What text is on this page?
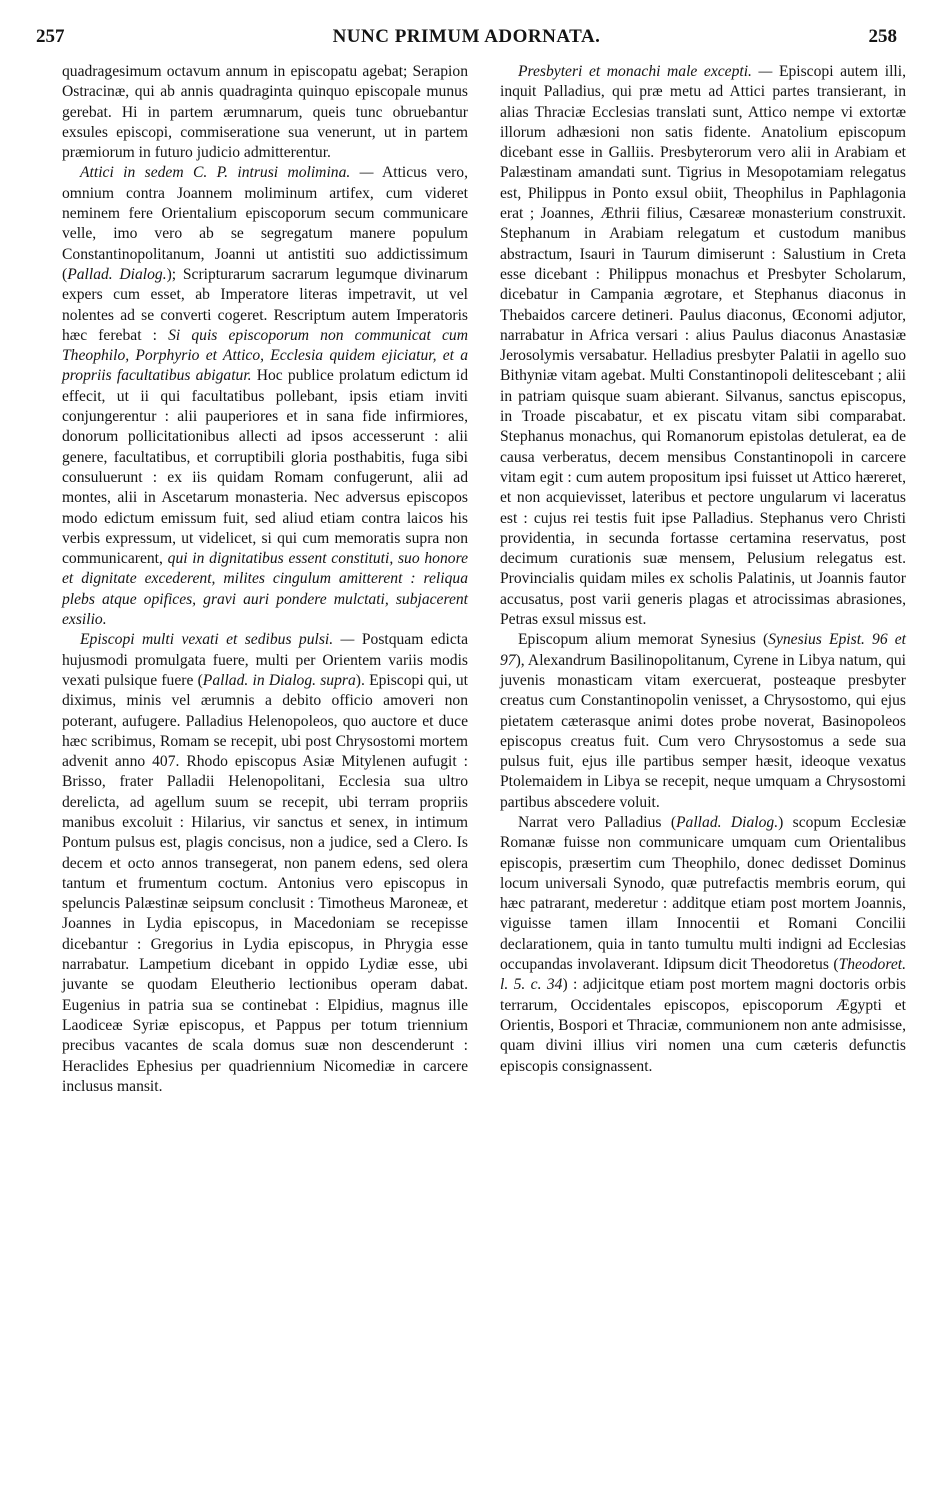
257	NUNC PRIMUM ADORNATA.	258

quadragesimum octavum annum in episcopatu agebat; Serapion Ostracinæ, qui ab annis quadraginta quinquo episcopale munus gerebat. Hi in partem ærumnarum, queis tunc obruebantur exsules episcopi, commiseratione sua venerunt, ut in partem præmiorum in futuro judicio admitterentur.

Attici in sedem C. P. intrusi molimina. — Atticus vero, omnium contra Joannem moliminum artifex, cum videret neminem fere Orientalium episcoporum secum communicare velle, imo vero ab se segregatum manere populum Constantinopolitanum, Joanni ut antistiti suo addictissimum (Pallad. Dialog.); Scripturarum sacrarum legumque divinarum expers cum esset, ab Imperatore literas impetravit, ut vel nolentes ad se converti cogeret. Rescriptum autem Imperatoris hæc ferebat : Si quis episcoporum non communicat cum Theophilo, Porphyrio et Attico, Ecclesia quidem ejiciatur, et a propriis facultatibus abigatur. Hoc publice prolatum edictum id effecit, ut ii qui facultatibus pollebant, ipsis etiam inviti conjungerentur : alii pauperiores et in sana fide infirmiores, donorum pollicitationibus allecti ad ipsos accesserunt : alii genere, facultatibus, et corruptibili gloria posthabitis, fuga sibi consuluerunt : ex iis quidam Romam confugerunt, alii ad montes, alii in Ascetarum monasteria. Nec adversus episcopos modo edictum emissum fuit, sed aliud etiam contra laicos his verbis expressum, ut videlicet, si qui cum memoratis supra non communicarent, qui in dignitatibus essent constituti, suo honore et dignitate excederent, milites cingulum amitterent : reliqua plebs atque opifices, gravi auri pondere mulctati, subjacerent exsilio.

Episcopi multi vexati et sedibus pulsi. — Postquam edicta hujusmodi promulgata fuere, multi per Orientem variis modis vexati pulsique fuere (Pallad. in Dialog. supra). Episcopi qui, ut diximus, minis vel ærumnis a debito officio amoveri non poterant, aufugere. Palladius Helenopoleos, quo auctore et duce hæc scribimus, Romam se recepit, ubi post Chrysostomi mortem advenit anno 407. Rhodo episcopus Asiæ Mitylenen aufugit : Brisso, frater Palladii Helenopolitani, Ecclesia sua ultro derelicta, ad agellum suum se recepit, ubi terram propriis manibus excoluit : Hilarius, vir sanctus et senex, in intimum Pontum pulsus est, plagis concisus, non a judice, sed a Clero. Is decem et octo annos transegerat, non panem edens, sed olera tantum et frumentum coctum. Antonius vero episcopus in speluncis Palæstinæ seipsum conclusit : Timotheus Maroneæ, et Joannes in Lydia episcopus, in Macedoniam se recepisse dicebantur : Gregorius in Lydia episcopus, in Phrygia esse narrabatur. Lampetium dicebant in oppido Lydiæ esse, ubi juvante se quodam Eleutherio lectionibus operam dabat. Eugenius in patria sua se continebat : Elpidius, magnus ille Laodiceæ Syriæ episcopus, et Pappus per totum triennium precibus vacantes de scala domus suæ non descenderunt : Heraclides Ephesius per quadriennium Nicomediæ in carcere inclusus mansit.

Presbyteri et monachi male excepti. — Episcopi autem illi, inquit Palladius, qui præ metu ad Attici partes transierant, in alias Thraciæ Ecclesias translati sunt, Attico nempe vi extortæ illorum adhæsioni non satis fidente. Anatolium episcopum dicebant esse in Galliis. Presbyterorum vero alii in Arabiam et Palæstinam amandati sunt. Tigrius in Mesopotamiam relegatus est, Philippus in Ponto exsul obiit, Theophilus in Paphlagonia erat ; Joannes, Æthrii filius, Cæsareæ monasterium construxit. Stephanum in Arabiam relegatum et custodum manibus abstractum, Isauri in Taurum dimiserunt : Salustium in Creta esse dicebant : Philippus monachus et Presbyter Scholarum, dicebatur in Campania ægrotare, et Stephanus diaconus in Thebaidos carcere detineri. Paulus diaconus, Œconomi adjutor, narrabatur in Africa versari : alius Paulus diaconus Anastasiæ Jerosolymis versabatur. Helladius presbyter Palatii in agello suo Bithyniæ vitam agebat. Multi Constantinopoli delitescebant ; alii in patriam quisque suam abierant. Silvanus, sanctus episcopus, in Troade piscabatur, et ex piscatu vitam sibi comparabat. Stephanus monachus, qui Romanorum epistolas detulerat, ea de causa verberatus, decem mensibus Constantinopoli in carcere vitam egit : cum autem propositum ipsi fuisset ut Attico hæreret, et non acquievisset, lateribus et pectore ungularum vi laceratus est : cujus rei testis fuit ipse Palladius. Stephanus vero Christi providentia, in secunda fortasse certamina reservatus, post decimum curationis suæ mensem, Pelusium relegatus est. Provincialis quidam miles ex scholis Palatinis, ut Joannis fautor accusatus, post varii generis plagas et atrocissimas abrasiones, Petras exsul missus est.

Episcopum alium memorat Synesius (Synesius Epist. 96 et 97), Alexandrum Basilinopolitanum, Cyrene in Libya natum, qui juvenis monasticam vitam exercuerat, posteaque presbyter creatus cum Constantinopolin venisset, a Chrysostomo, qui ejus pietatem cæterasque animi dotes probe noverat, Basinopoleos episcopus creatus fuit. Cum vero Chrysostomus a sede sua pulsus fuit, ejus ille partibus semper hæsit, ideoque vexatus Ptolemaidem in Libya se recepit, neque umquam a Chrysostomi partibus abscedere voluit.

Narrat vero Palladius (Pallad. Dialog.) scopum Ecclesiæ Romanæ fuisse non communicare umquam cum Orientalibus episcopis, præsertim cum Theophilo, donec dedisset Dominus locum universali Synodo, quæ putrefactis membris eorum, qui hæc patrarant, mederetur : additque etiam post mortem Joannis, viguisse tamen illam Innocentii et Romani Concilii declarationem, quia in tanto tumultu multi indigni ad Ecclesias occupandas involaverant. Idipsum dicit Theodoretus (Theodoret. l. 5. c. 34) : adjicitque etiam post mortem magni doctoris orbis terrarum, Occidentales episcopos, episcoporum Ægypti et Orientis, Bospori et Thraciæ, communionem non ante admisisse, quam divini illius viri nomen una cum cæteris defunctis episcopis consignassent.
